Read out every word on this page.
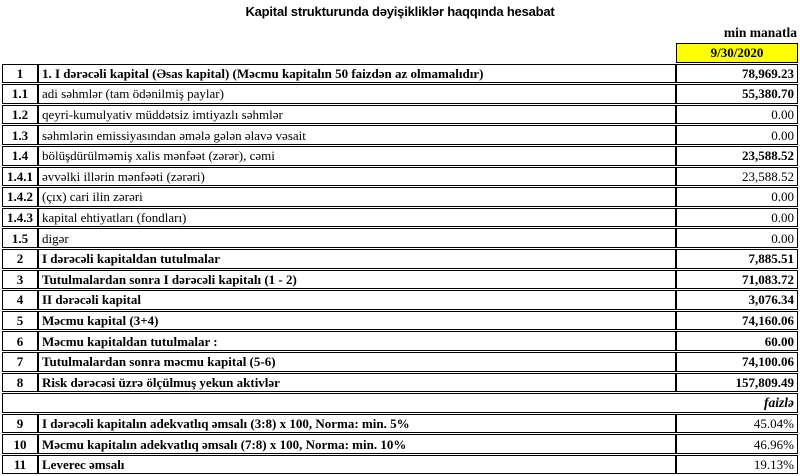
Kapital strukturunda dəyişikliklər haqqında hesabat
min manatla
		9/30/2020
1	1. I dərəcəli kapital (Əsas kapital) (Məcmu kapitalın 50 faizdən az olmamalıdır)	78,969.23
1.1	adi səhmlər (tam ödənilmiş paylar)	55,380.70
1.2	qeyri-kumulyativ müddətsiz imtiyazlı səhmlər	0.00
1.3	səhmlərin emissiyasından əmələ gələn əlavə vəsait	0.00
1.4	bölüşdürülməmiş xalis mənfəət (zərər), cəmi	23,588.52
1.4.1	əvvəlki illərin mənfəəti (zərəri)	23,588.52
1.4.2	(çıx) cari ilin zərəri	0.00
1.4.3	kapital ehtiyatları (fondları)	0.00
1.5	digər	0.00
2	I dərəcəli kapitaldan tutulmalar	7,885.51
3	Tutulmalardan sonra I dərəcəli kapitalı (1 - 2)	71,083.72
4	II dərəcəli kapital	3,076.34
5	Məcmu kapital (3+4)	74,160.06
6	Məcmu kapitaldan tutulmalar :	60.00
7	Tutulmalardan sonra məcmu kapital (5-6)	74,100.06
8	Risk dərəcəsi üzrə ölçülmuş yekun aktivlər	157,809.49
faizlə		
9	I dərəcəli kapitalın adekvatlıq əmsalı (3:8) x 100, Norma: min. 5%	45.04%
10	Məcmu kapitalın adekvatlıq əmsalı (7:8) x 100, Norma: min. 10%	46.96%
11	Leverec əmsalı	19.13%
